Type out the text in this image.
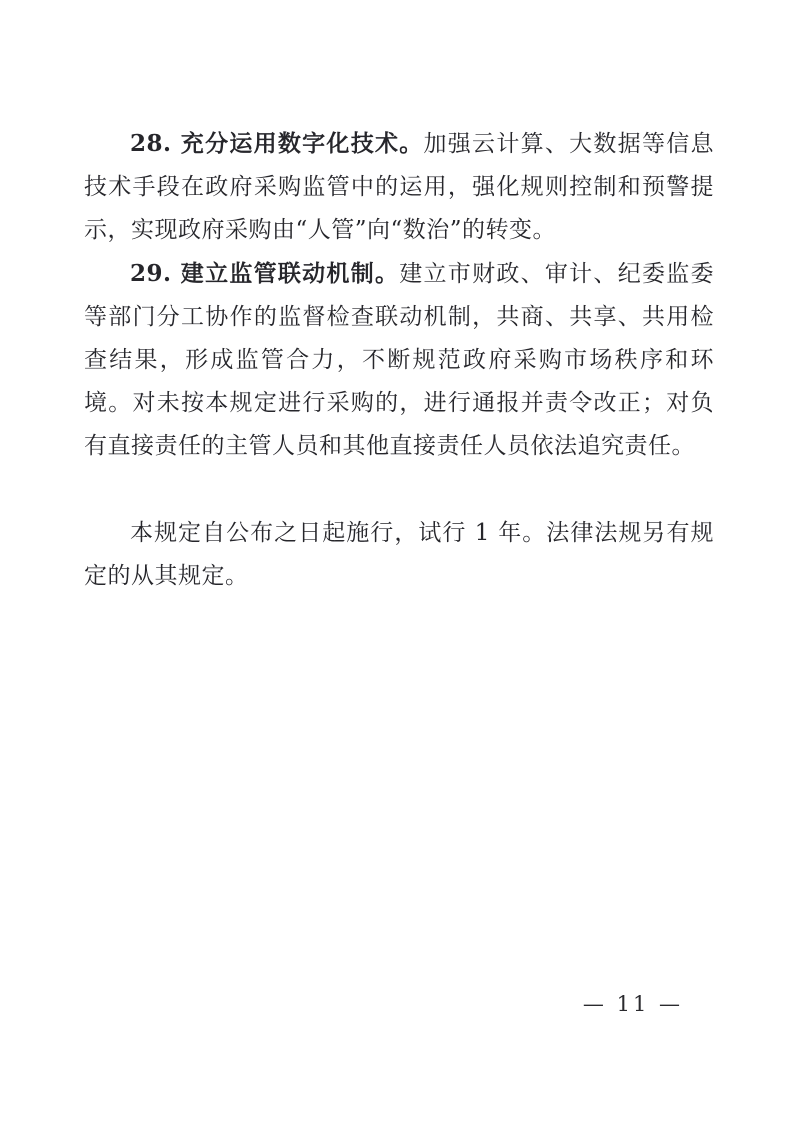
28. 充分运用数字化技术。加强云计算、大数据等信息技术手段在政府采购监管中的运用，强化规则控制和预警提示，实现政府采购由“人管”向“数治”的转变。

29. 建立监管联动机制。建立市财政、审计、纪委监委等部门分工协作的监督检查联动机制，共商、共享、共用检查结果，形成监管合力，不断规范政府采购市场秩序和环境。对未按本规定进行采购的，进行通报并责令改正；对负有直接责任的主管人员和其他直接责任人员依法追究责任。

本规定自公布之日起施行，试行 1 年。法律法规另有规定的从其规定。

— 11 —
